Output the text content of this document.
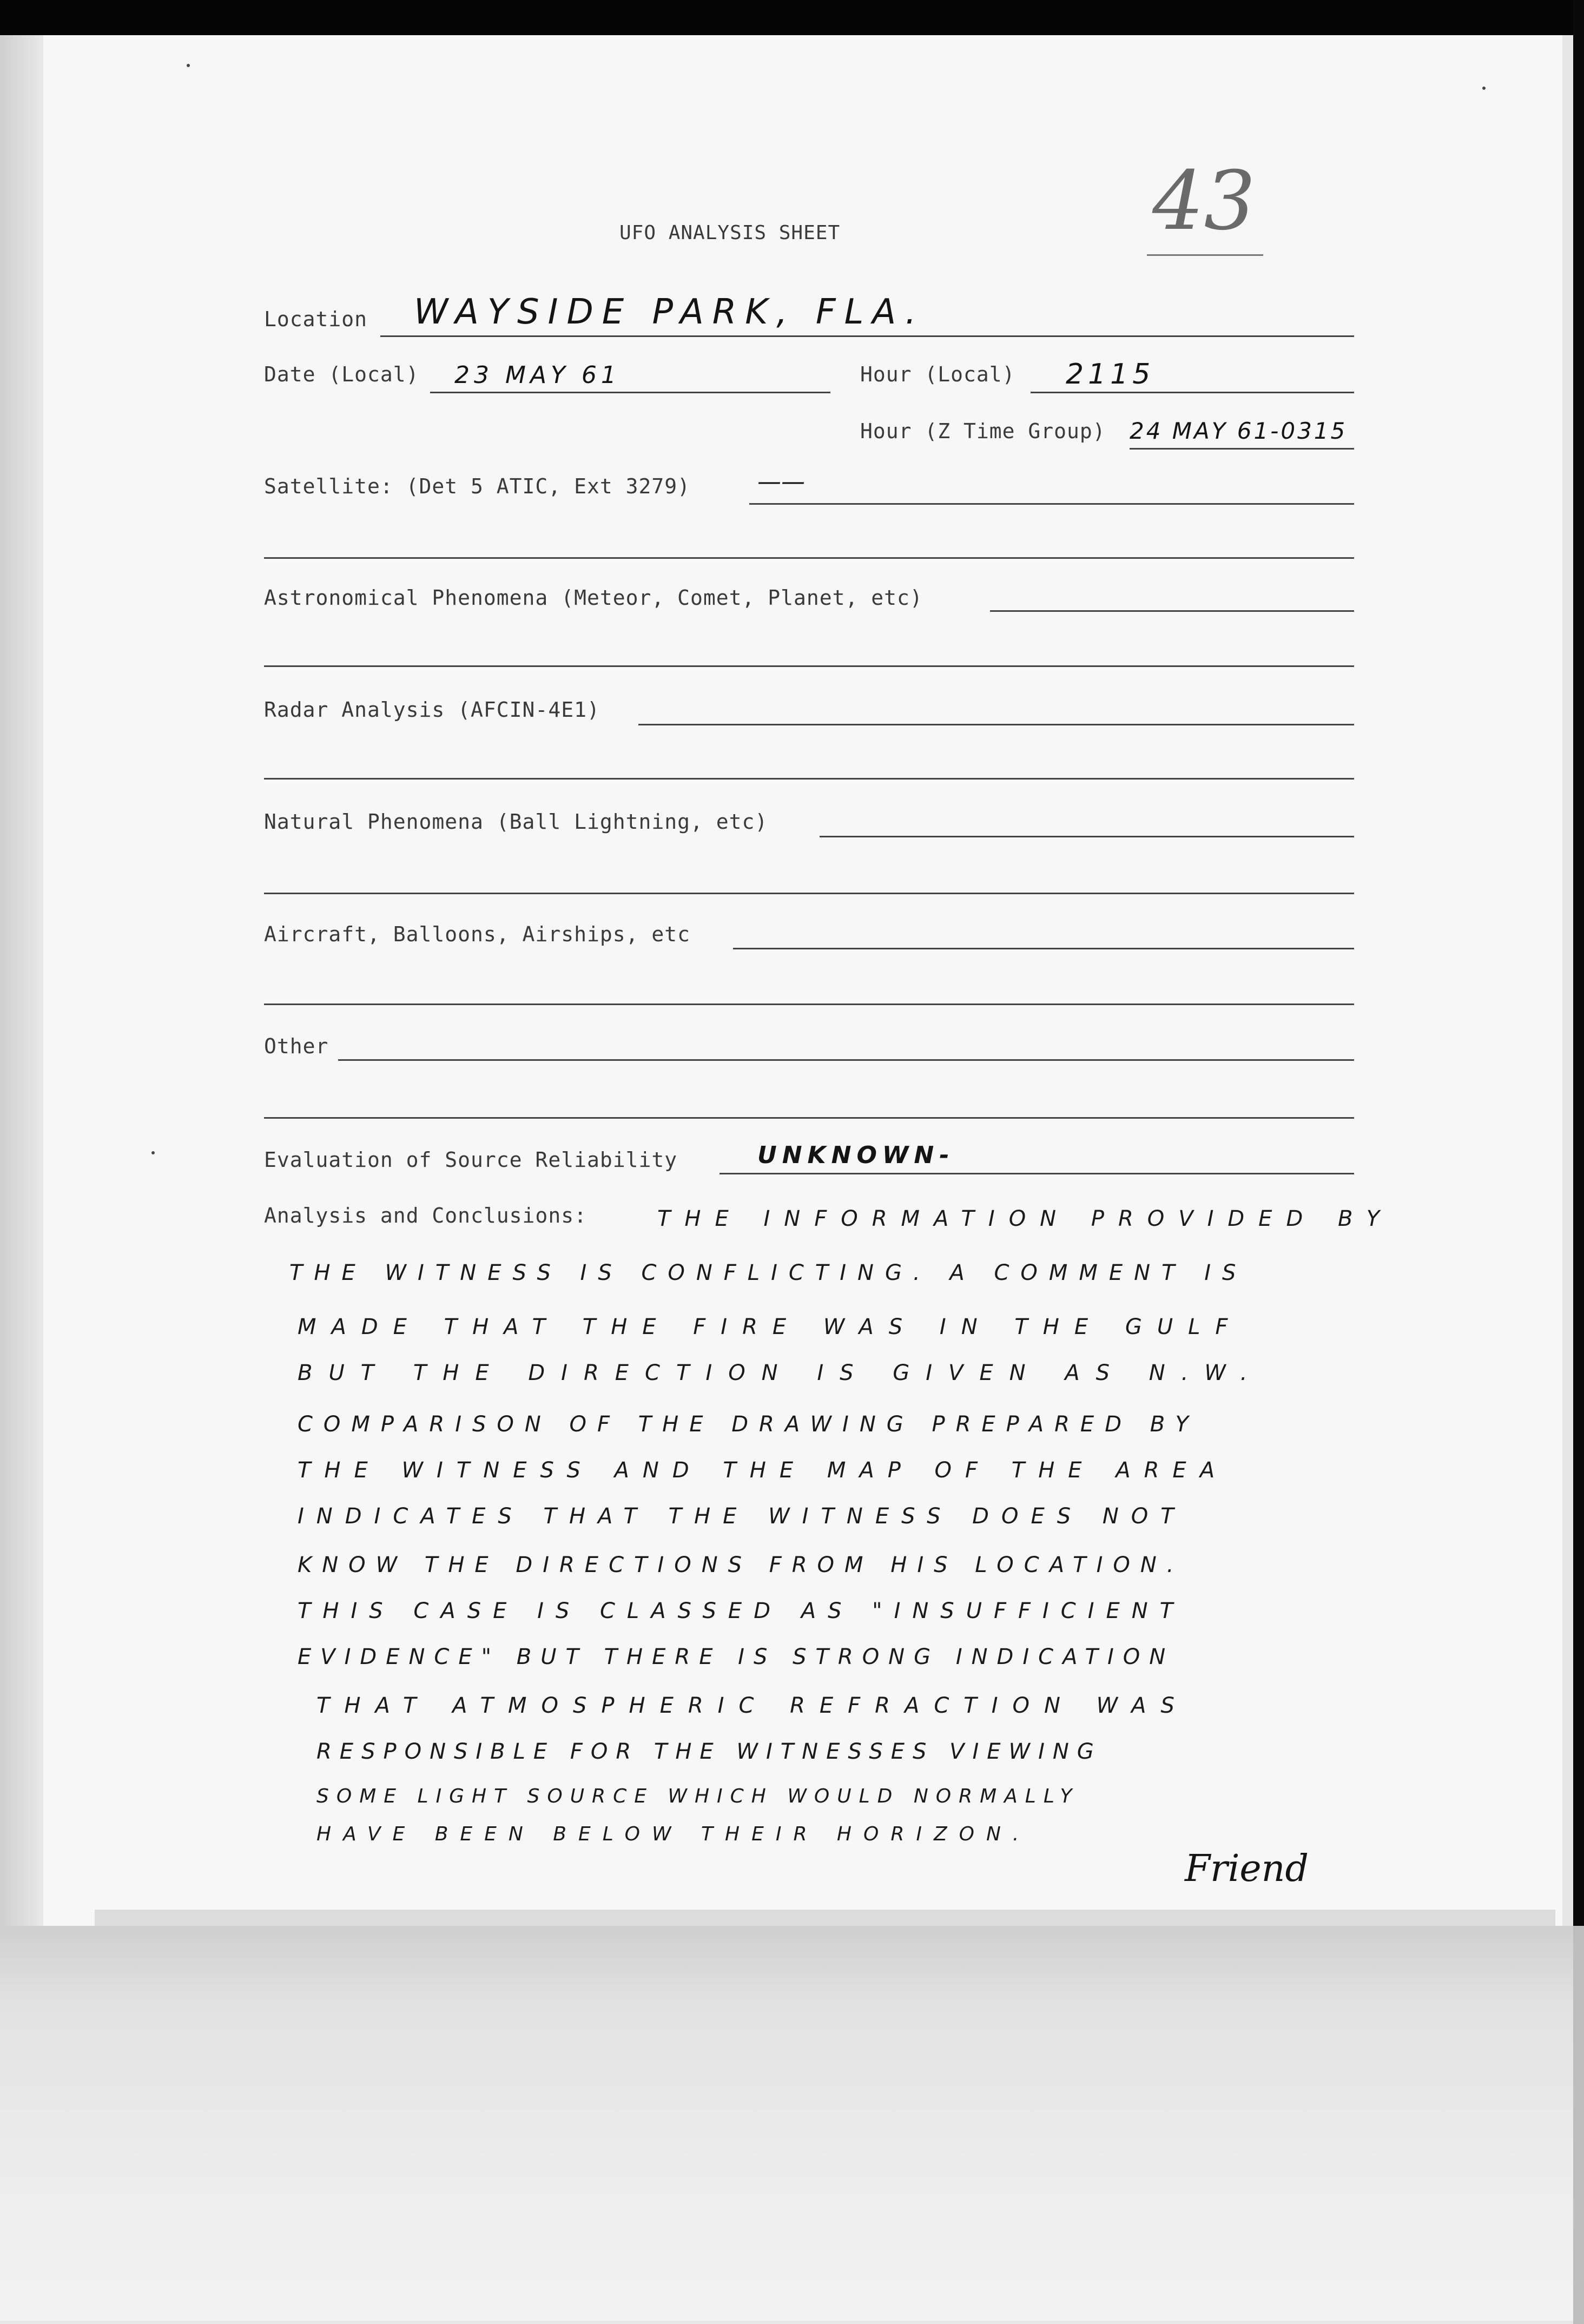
UFO ANALYSIS SHEET	43
Location WAYSIDE PARK, FLA.
Date (Local) 23 MAY 61	Hour (Local) 2115
Hour (Z Time Group) 24 MAY 61-0315
Satellite: (Det 5 ATIC, Ext 3279)	——
Astronomical Phenomena (Meteor, Comet, Planet, etc)
Radar Analysis (AFCIN-4E1)
Natural Phenomena (Ball Lightning, etc)
Aircraft, Balloons, Airships, etc
Other
Evaluation of Source Reliability	UNKNOWN-
Analysis and Conclusions:	THE INFORMATION PROVIDED BY
THE WITNESS IS CONFLICTING. A COMMENT IS
MADE THAT THE FIRE WAS IN THE GULF
BUT THE DIRECTION IS GIVEN AS N.W.
COMPARISON OF THE DRAWING PREPARED BY
THE WITNESS AND THE MAP OF THE AREA
INDICATES THAT THE WITNESS DOES NOT
KNOW THE DIRECTIONS FROM HIS LOCATION.
THIS CASE IS CLASSED AS "INSUFFICIENT
EVIDENCE" BUT THERE IS STRONG INDICATION
THAT ATMOSPHERIC REFRACTION WAS
RESPONSIBLE FOR THE WITNESSES VIEWING
SOME LIGHT SOURCE WHICH WOULD NORMALLY
HAVE BEEN BELOW THEIR HORIZON.
Friend
